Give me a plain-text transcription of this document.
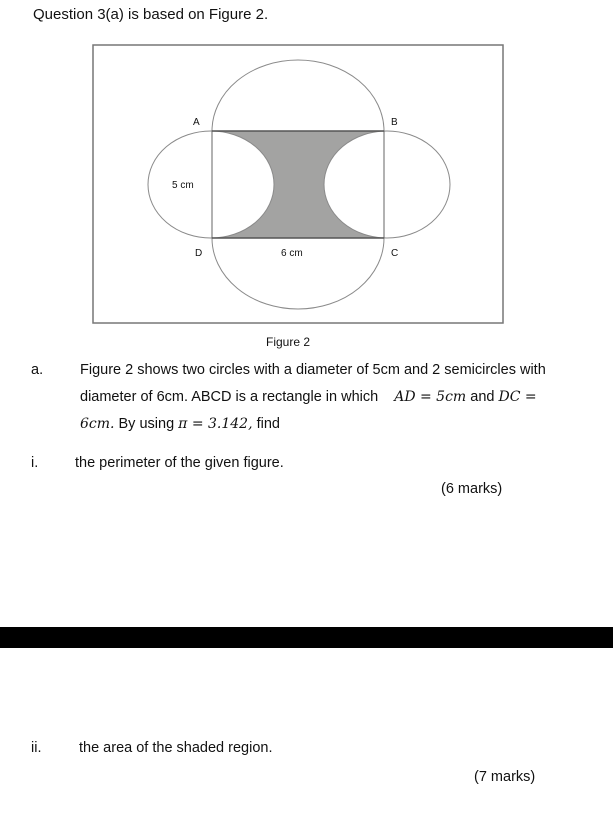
Question 3(a) is based on Figure 2.
A	B
C
D
5 cm
6 cm
Figure 2
a.	Figure 2 shows two circles with a diameter of 5cm and 2 semicircles with
diameter of 6cm. ABCD is a rectangle in which AD = 5cm and DC =
6cm. By using π = 3.142, find
i.	the perimeter of the given figure.
(6 marks)
ii.	the area of the shaded region.
(7 marks)
